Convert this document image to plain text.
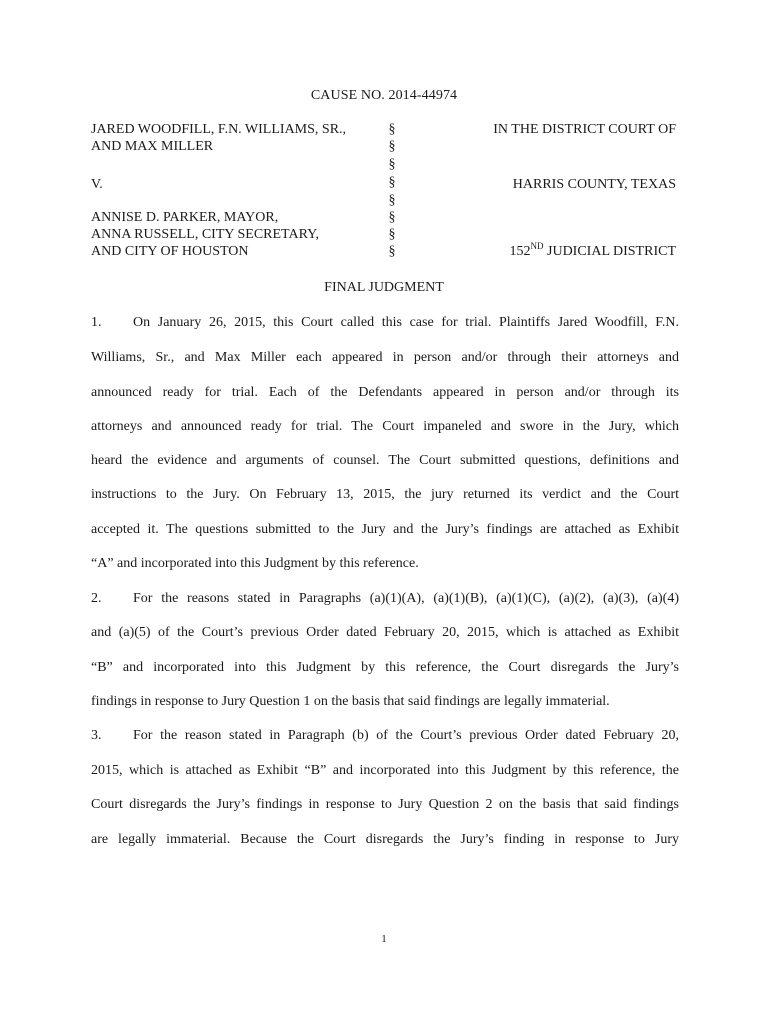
CAUSE NO. 2014-44974
JARED WOODFILL, F.N. WILLIAMS, SR.,
AND MAX MILLER
V.
ANNISE D. PARKER, MAYOR,
ANNA RUSSELL, CITY SECRETARY,
AND CITY OF HOUSTON
§
§
§
§
§
§
§
§
IN THE DISTRICT COURT OF
HARRIS COUNTY, TEXAS
152ND JUDICIAL DISTRICT
FINAL JUDGMENT
1. On January 26, 2015, this Court called this case for trial. Plaintiffs Jared Woodfill, F.N.
Williams, Sr., and Max Miller each appeared in person and/or through their attorneys and
announced ready for trial. Each of the Defendants appeared in person and/or through its
attorneys and announced ready for trial. The Court impaneled and swore in the Jury, which
heard the evidence and arguments of counsel. The Court submitted questions, definitions and
instructions to the Jury. On February 13, 2015, the jury returned its verdict and the Court
accepted it. The questions submitted to the Jury and the Jury’s findings are attached as Exhibit
“A” and incorporated into this Judgment by this reference.
2. For the reasons stated in Paragraphs (a)(1)(A), (a)(1)(B), (a)(1)(C), (a)(2), (a)(3), (a)(4)
and (a)(5) of the Court’s previous Order dated February 20, 2015, which is attached as Exhibit
“B” and incorporated into this Judgment by this reference, the Court disregards the Jury’s
findings in response to Jury Question 1 on the basis that said findings are legally immaterial.
3. For the reason stated in Paragraph (b) of the Court’s previous Order dated February 20,
2015, which is attached as Exhibit “B” and incorporated into this Judgment by this reference, the
Court disregards the Jury’s findings in response to Jury Question 2 on the basis that said findings
are legally immaterial. Because the Court disregards the Jury’s finding in response to Jury
1
